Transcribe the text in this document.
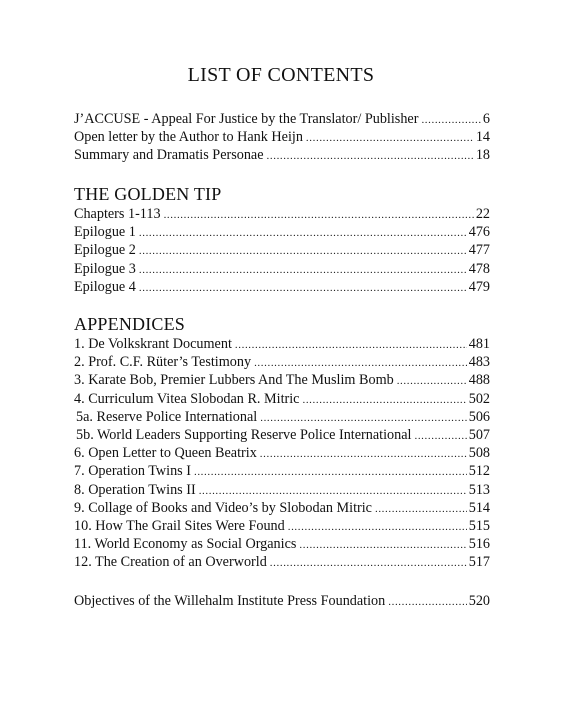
LIST OF CONTENTS
J’ACCUSE - Appeal For Justice by the Translator/ Publisher .....	6
Open letter by the Author to Hank Heijn .....	14
Summary and Dramatis Personae .....	18
THE GOLDEN TIP
Chapters 1-113 .....	22
Epilogue 1 .....	476
Epilogue 2 .....	477
Epilogue 3 .....	478
Epilogue 4 .....	479
APPENDICES
1. De Volkskrant Document .....	481
2. Prof. C.F. Rüter’s Testimony .....	483
3. Karate Bob, Premier Lubbers And The Muslim Bomb .....	488
4. Curriculum Vitea Slobodan R. Mitric .....	502
5a. Reserve Police International .....	506
5b. World Leaders Supporting Reserve Police International .....	507
6. Open Letter to Queen Beatrix .....	508
7. Operation Twins I .....	512
8. Operation Twins II .....	513
9. Collage of Books and Video’s by Slobodan Mitric .....	514
10. How The Grail Sites Were Found .....	515
11. World Economy as Social Organics .....	516
12. The Creation of an Overworld .....	517
Objectives of the Willehalm Institute Press Foundation .....	520
